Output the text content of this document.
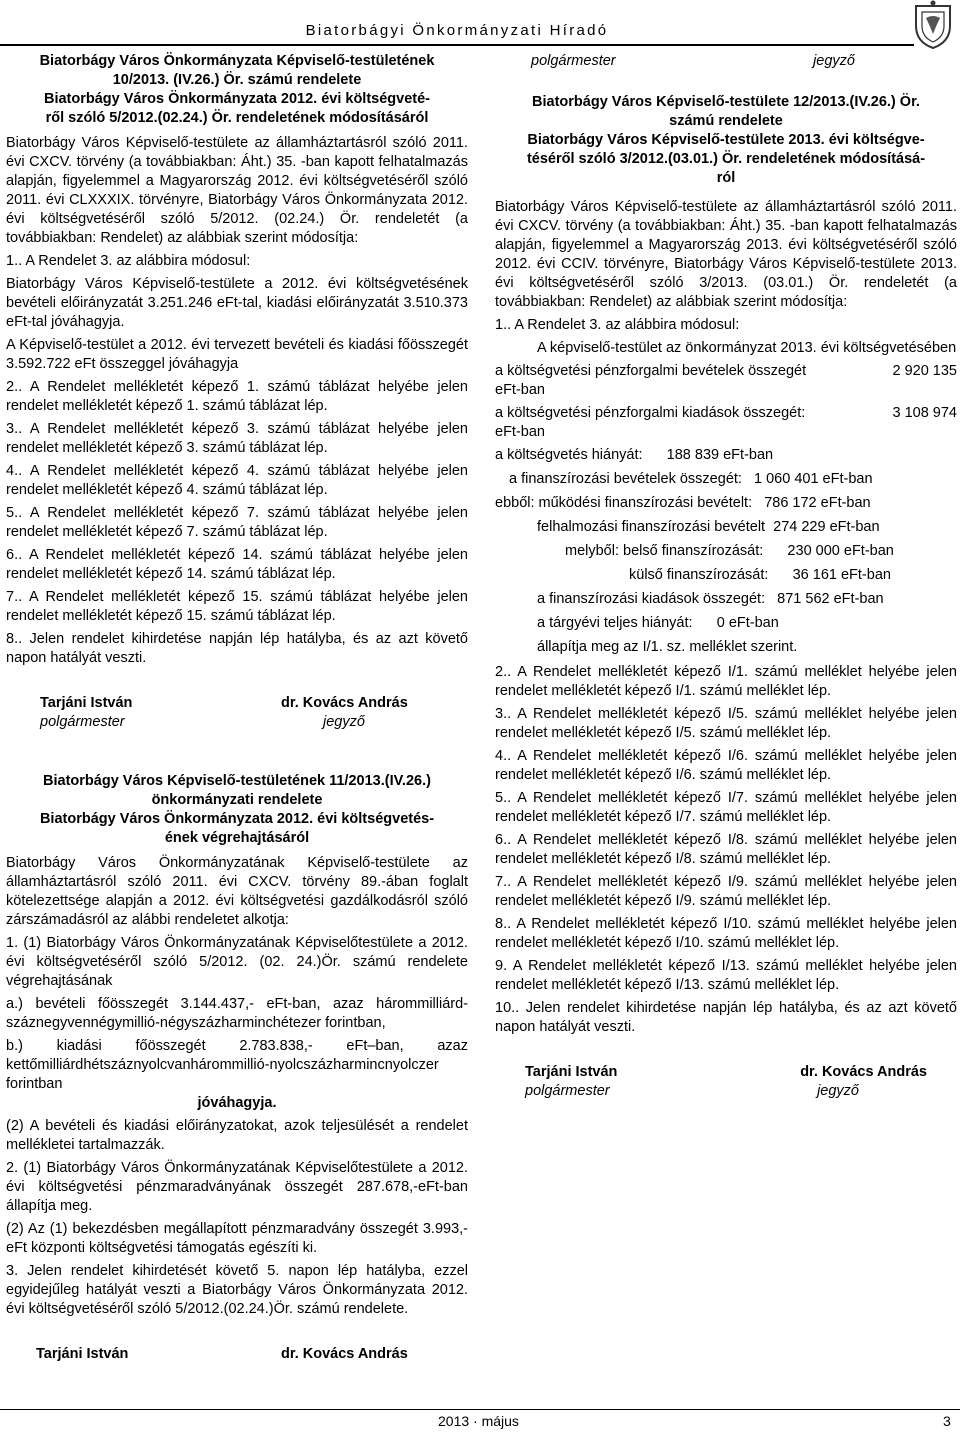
Biatorbágyi Önkormányzati Híradó
Biatorbágy Város Önkormányzata Képviselő-testületének
10/2013. (IV.26.) Ör. számú rendelete
Biatorbágy Város Önkormányzata 2012. évi költségveté-
ről szóló 5/2012.(02.24.) Ör. rendeletének módosításáról

Biatorbágy Város Képviselő-testülete az államháztartásról szóló 2011. évi CXCV. törvény (a továbbiakban: Áht.) 35. -ban kapott felhatalmazás alapján, figyelemmel a Magyarország 2012. évi költségvetéséről szóló 2011. évi CLXXXIX. törvényre, Biatorbágy Város Önkormányzata 2012. évi költségvetéséről szóló 5/2012. (02.24.) Ör. rendeletét (a továbbiakban: Rendelet) az alábbiak szerint módosítja:

1.. A Rendelet 3. az alábbira módosul:

Biatorbágy Város Képviselő-testülete a 2012. évi költségvetésének bevételi előirányzatát 3.251.246 eFt-tal, kiadási előirányzatát 3.510.373 eFt-tal jóváhagyja.

A Képviselő-testület a 2012. évi tervezett bevételi és kiadási főösszegét 3.592.722 eFt összeggel jóváhagyja

2.. A Rendelet mellékletét képező 1. számú táblázat helyébe jelen rendelet mellékletét képező 1. számú táblázat lép.

3.. A Rendelet mellékletét képező 3. számú táblázat helyébe jelen rendelet mellékletét képező 3. számú táblázat lép.

4.. A Rendelet mellékletét képező 4. számú táblázat helyébe jelen rendelet mellékletét képező 4. számú táblázat lép.

5.. A Rendelet mellékletét képező 7. számú táblázat helyébe jelen rendelet mellékletét képező 7. számú táblázat lép.

6.. A Rendelet mellékletét képező 14. számú táblázat helyébe jelen rendelet mellékletét képező 14. számú táblázat lép.

7.. A Rendelet mellékletét képező 15. számú táblázat helyébe jelen rendelet mellékletét képező 15. számú táblázat lép.

8.. Jelen rendelet kihirdetése napján lép hatályba, és az azt követő napon hatályát veszti.

Tarjáni István	dr. Kovács András
polgármester	jegyző
Biatorbágy Város Képviselő-testületének 11/2013.(IV.26.)
önkormányzati rendelete
Biatorbágy Város Önkormányzata 2012. évi költségvetés-
ének végrehajtásáról

Biatorbágy Város Önkormányzatának Képviselő-testülete az államháztartásról szóló 2011. évi CXCV. törvény 89.-ában foglalt kötelezettsége alapján a 2012. évi költségvetési gazdálkodásról szóló zárszámadásról az alábbi rendeletet alkotja:

1. (1) Biatorbágy Város Önkormányzatának Képviselőtestülete a 2012. évi költségvetéséről szóló 5/2012. (02. 24.)Ör. számú rendelete végrehajtásának

a.) bevételi főösszegét 3.144.437,- eFt-ban, azaz hárommilliárd-száznegyvennégymillió-négyszázharminchétezer forintban,

b.) kiadási főösszegét 2.783.838,- eFt–ban, azaz kettőmilliárdhétszáznyolcvanhárommillió-nyolcszázharmincnyolczer forintban

jóváhagyja.

(2) A bevételi és kiadási előirányzatokat, azok teljesülését a rendelet mellékletei tartalmazzák.

2. (1) Biatorbágy Város Önkormányzatának Képviselőtestülete a 2012. évi költségvetési pénzmaradványának összegét 287.678,-eFt-ban állapítja meg.

(2) Az (1) bekezdésben megállapított pénzmaradvány összegét 3.993,-eFt központi költségvetési támogatás egészíti ki.

3. Jelen rendelet kihirdetését követő 5. napon lép hatályba, ezzel egyidejűleg hatályát veszti a Biatorbágy Város Önkormányzata 2012. évi költségvetéséről szóló 5/2012.(02.24.)Ör. számú rendelete.

Tarjáni István	dr. Kovács András
polgármester	jegyző
Biatorbágy Város Képviselő-testülete 12/2013.(IV.26.) Ör.
számú rendelete
Biatorbágy Város Képviselő-testülete 2013. évi költségve-
téséről szóló 3/2012.(03.01.) Ör. rendeletének módosításá-
ról

Biatorbágy Város Képviselő-testülete az államháztartásról szóló 2011. évi CXCV. törvény (a továbbiakban: Áht.) 35. -ban kapott felhatalmazás alapján, figyelemmel a Magyarország 2013. évi költségvetéséről szóló 2012. évi CCIV. törvényre, Biatorbágy Város Képviselő-testülete 2013. évi költségvetéséről szóló 3/2013. (03.01.) Ör. rendeletét (a továbbiakban: Rendelet) az alábbiak szerint módosítja:

1.. A Rendelet 3. az alábbira módosul:

A képviselő-testület az önkormányzat 2013. évi költségvetésében

a költségvetési pénzforgalmi bevételek összegét	2 920 135
eFt-ban
a költségvetési pénzforgalmi kiadások összegét:	3 108 974
eFt-ban
a költségvetés hiányát:      188 839 eFt-ban
a finanszírozási bevételek összegét:   1 060 401 eFt-ban
ebből: működési finanszírozási bevételt:   786 172 eFt-ban
felhalmozási finanszírozási bevételt  274 229 eFt-ban
melyből: belső finanszírozását:      230 000 eFt-ban
külső finanszírozását:      36 161 eFt-ban
a finanszírozási kiadások összegét:   871 562 eFt-ban
a tárgyévi teljes hiányát:      0 eFt-ban
állapítja meg az I/1. sz. melléklet szerint.

2.. A Rendelet mellékletét képező I/1. számú melléklet helyébe jelen rendelet mellékletét képező I/1. számú melléklet lép.

3.. A Rendelet mellékletét képező I/5. számú melléklet helyébe jelen rendelet mellékletét képező I/5. számú melléklet lép.

4.. A Rendelet mellékletét képező I/6. számú melléklet helyébe jelen rendelet mellékletét képező I/6. számú melléklet lép.

5.. A Rendelet mellékletét képező I/7. számú melléklet helyébe jelen rendelet mellékletét képező I/7. számú melléklet lép.

6.. A Rendelet mellékletét képező I/8. számú melléklet helyébe jelen rendelet mellékletét képező I/8. számú melléklet lép.

7.. A Rendelet mellékletét képező I/9. számú melléklet helyébe jelen rendelet mellékletét képező I/9. számú melléklet lép.

8.. A Rendelet mellékletét képező I/10. számú melléklet helyébe jelen rendelet mellékletét képező I/10. számú melléklet lép.

9. A Rendelet mellékletét képező I/13. számú melléklet helyébe jelen rendelet mellékletét képező I/13. számú melléklet lép.

10.. Jelen rendelet kihirdetése napján lép hatályba, és az azt követő napon hatályát veszti.

Tarjáni István	dr. Kovács András
polgármester	jegyző
2013 · május	3
